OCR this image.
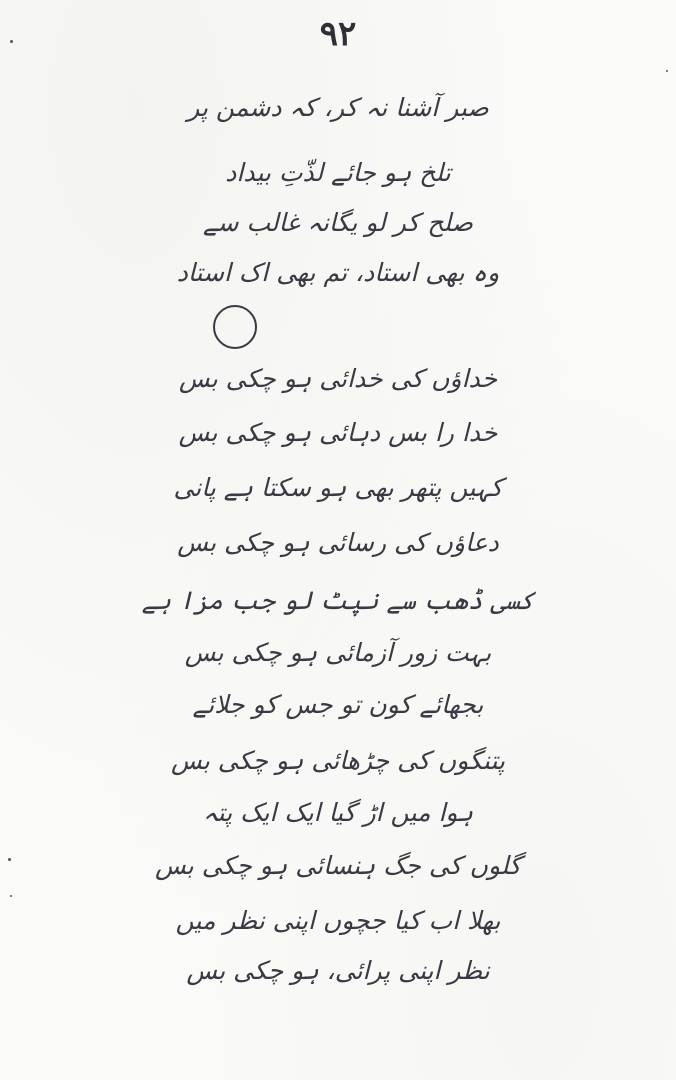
۹۲
صبر آشنا نہ کر، کہ دشمن پر
تلخ ہو جائے لذّتِ بیداد
صلح کر لو یگانہ غالب سے
وہ بھی استاد، تم بھی اک استاد
خداؤں کی خدائی ہو چکی بس
خدا را بس دہائی ہو چکی بس
کہیں پتھر بھی ہو سکتا ہے پانی
دعاؤں کی رسائی ہو چکی بس
کسی ڈھب سے نپٹ لو جب مزا ہے
بہت زور آزمائی ہو چکی بس
بجھائے کون تو جس کو جلائے
پتنگوں کی چڑھائی ہو چکی بس
ہوا میں اڑ گیا ایک ایک پتہ
گلوں کی جگ ہنسائی ہو چکی بس
بھلا اب کیا جچوں اپنی نظر میں
نظر اپنی پرائی، ہو چکی بس
